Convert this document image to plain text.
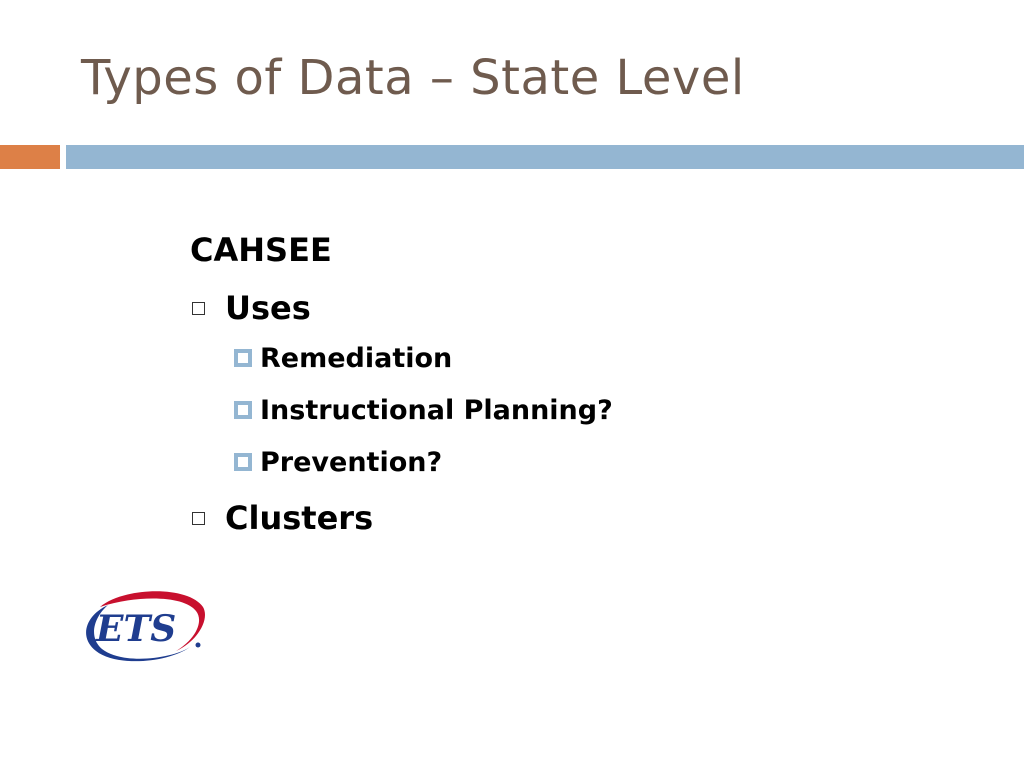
Types of Data – State Level
CAHSEE
Uses
Remediation
Instructional Planning?
Prevention?
Clusters
ETS
